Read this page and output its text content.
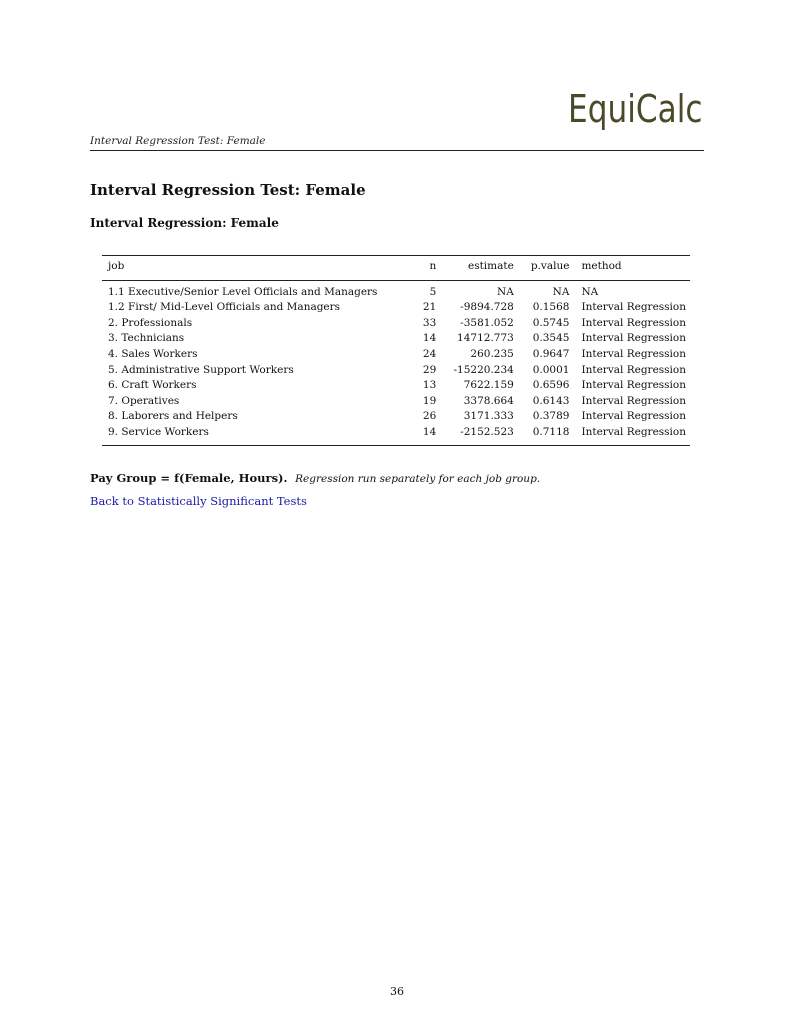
EquiCalc
Interval Regression Test: Female
Interval Regression Test: Female
Interval Regression: Female
job	n	estimate	p.value	method
1.1 Executive/Senior Level Officials and Managers	5	NA	NA	NA
1.2 First/ Mid-Level Officials and Managers	21	-9894.728	0.1568	Interval Regression
2. Professionals	33	-3581.052	0.5745	Interval Regression
3. Technicians	14	14712.773	0.3545	Interval Regression
4. Sales Workers	24	260.235	0.9647	Interval Regression
5. Administrative Support Workers	29	-15220.234	0.0001	Interval Regression
6. Craft Workers	13	7622.159	0.6596	Interval Regression
7. Operatives	19	3378.664	0.6143	Interval Regression
8. Laborers and Helpers	26	3171.333	0.3789	Interval Regression
9. Service Workers	14	-2152.523	0.7118	Interval Regression
Pay Group = f(Female, Hours). Regression run separately for each job group.
Back to Statistically Significant Tests
36
